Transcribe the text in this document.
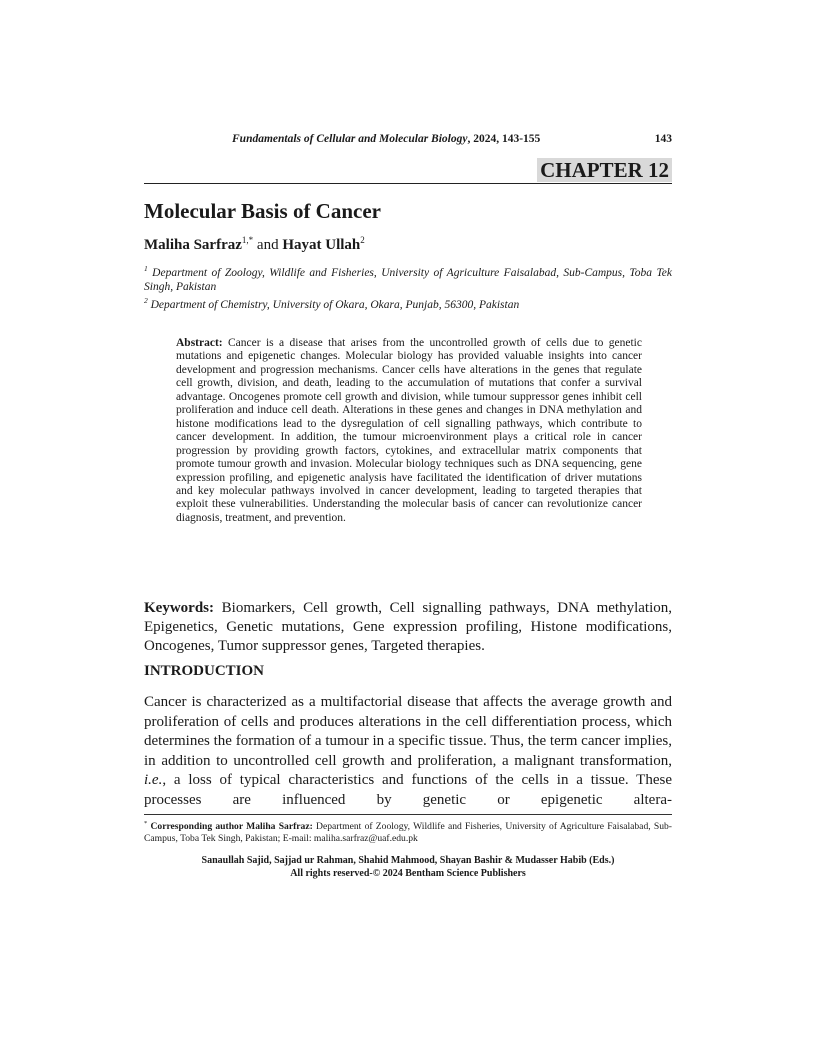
Fundamentals of Cellular and Molecular Biology, 2024, 143-155	143
CHAPTER 12
Molecular Basis of Cancer
Maliha Sarfraz$^{1,*}$ and Hayat Ullah$^2$
$^1$ Department of Zoology, Wildlife and Fisheries, University of Agriculture Faisalabad, Sub-Campus, Toba Tek Singh, Pakistan
$^2$ Department of Chemistry, University of Okara, Okara, Punjab, 56300, Pakistan
Abstract: Cancer is a disease that arises from the uncontrolled growth of cells due to genetic mutations and epigenetic changes. Molecular biology has provided valuable insights into cancer development and progression mechanisms. Cancer cells have alterations in the genes that regulate cell growth, division, and death, leading to the accumulation of mutations that confer a survival advantage. Oncogenes promote cell growth and division, while tumour suppressor genes inhibit cell proliferation and induce cell death. Alterations in these genes and changes in DNA methylation and histone modifications lead to the dysregulation of cell signalling pathways, which contribute to cancer development. In addition, the tumour microenvironment plays a critical role in cancer progression by providing growth factors, cytokines, and extracellular matrix components that promote tumour growth and invasion. Molecular biology techniques such as DNA sequencing, gene expression profiling, and epigenetic analysis have facilitated the identification of driver mutations and key molecular pathways involved in cancer development, leading to targeted therapies that exploit these vulnerabilities. Understanding the molecular basis of cancer can revolutionize cancer diagnosis, treatment, and prevention.
Keywords: Biomarkers, Cell growth, Cell signalling pathways, DNA methylation, Epigenetics, Genetic mutations, Gene expression profiling, Histone modifications, Oncogenes, Tumor suppressor genes, Targeted therapies.
INTRODUCTION
Cancer is characterized as a multifactorial disease that affects the average growth and proliferation of cells and produces alterations in the cell differentiation process, which determines the formation of a tumour in a specific tissue. Thus, the term cancer implies, in addition to uncontrolled cell growth and proliferation, a malignant transformation, i.e., a loss of typical characteristics and functions of the cells in a tissue. These processes are influenced by genetic or epigenetic altera-
* Corresponding author Maliha Sarfraz: Department of Zoology, Wildlife and Fisheries, University of Agriculture Faisalabad, Sub-Campus, Toba Tek Singh, Pakistan; E-mail: maliha.sarfraz@uaf.edu.pk
Sanaullah Sajid, Sajjad ur Rahman, Shahid Mahmood, Shayan Bashir & Mudasser Habib (Eds.)
All rights reserved-© 2024 Bentham Science Publishers
